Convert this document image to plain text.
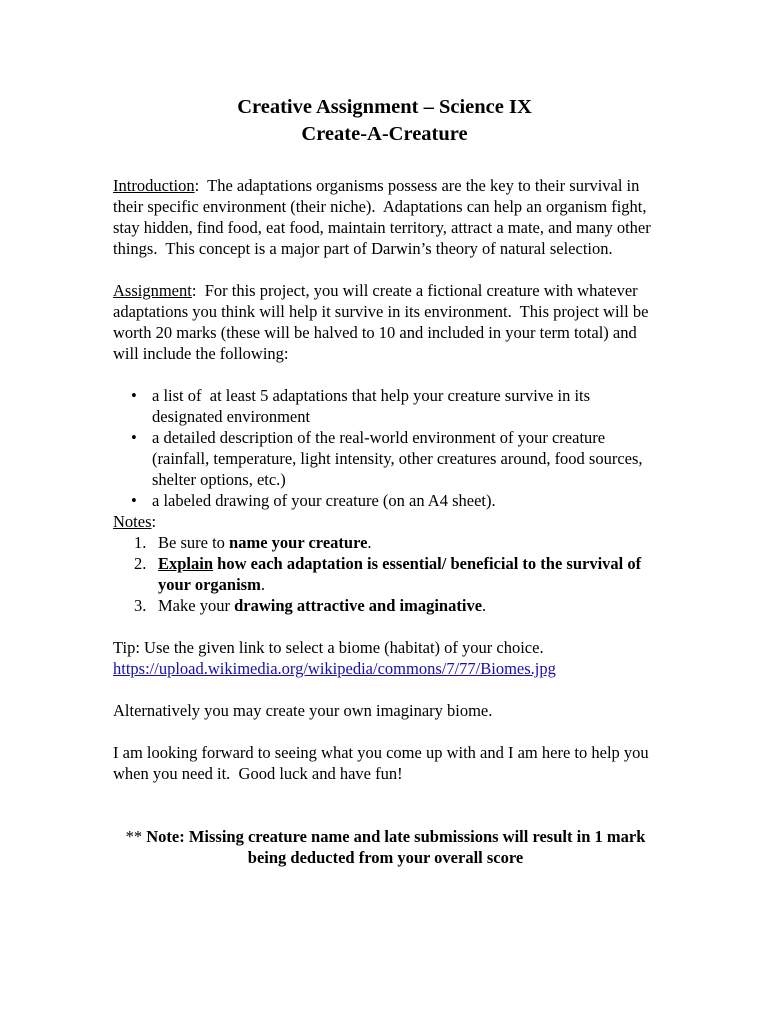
Creative Assignment – Science IX
Create-A-Creature

Introduction:  The adaptations organisms possess are the key to their survival in their specific environment (their niche).  Adaptations can help an organism fight, stay hidden, find food, eat food, maintain territory, attract a mate, and many other things.  This concept is a major part of Darwin’s theory of natural selection.

Assignment:  For this project, you will create a fictional creature with whatever adaptations you think will help it survive in its environment.  This project will be worth 20 marks (these will be halved to 10 and included in your term total) and will include the following:

• a list of  at least 5 adaptations that help your creature survive in its designated environment
• a detailed description of the real-world environment of your creature (rainfall, temperature, light intensity, other creatures around, food sources, shelter options, etc.)
• a labeled drawing of your creature (on an A4 sheet).

Notes:

1. Be sure to name your creature.
2. Explain how each adaptation is essential/ beneficial to the survival of your organism.
3. Make your drawing attractive and imaginative.

Tip: Use the given link to select a biome (habitat) of your choice.
https://upload.wikimedia.org/wikipedia/commons/7/77/Biomes.jpg

Alternatively you may create your own imaginary biome.

I am looking forward to seeing what you come up with and I am here to help you when you need it.  Good luck and have fun!

** Note: Missing creature name and late submissions will result in 1 mark being deducted from your overall score
